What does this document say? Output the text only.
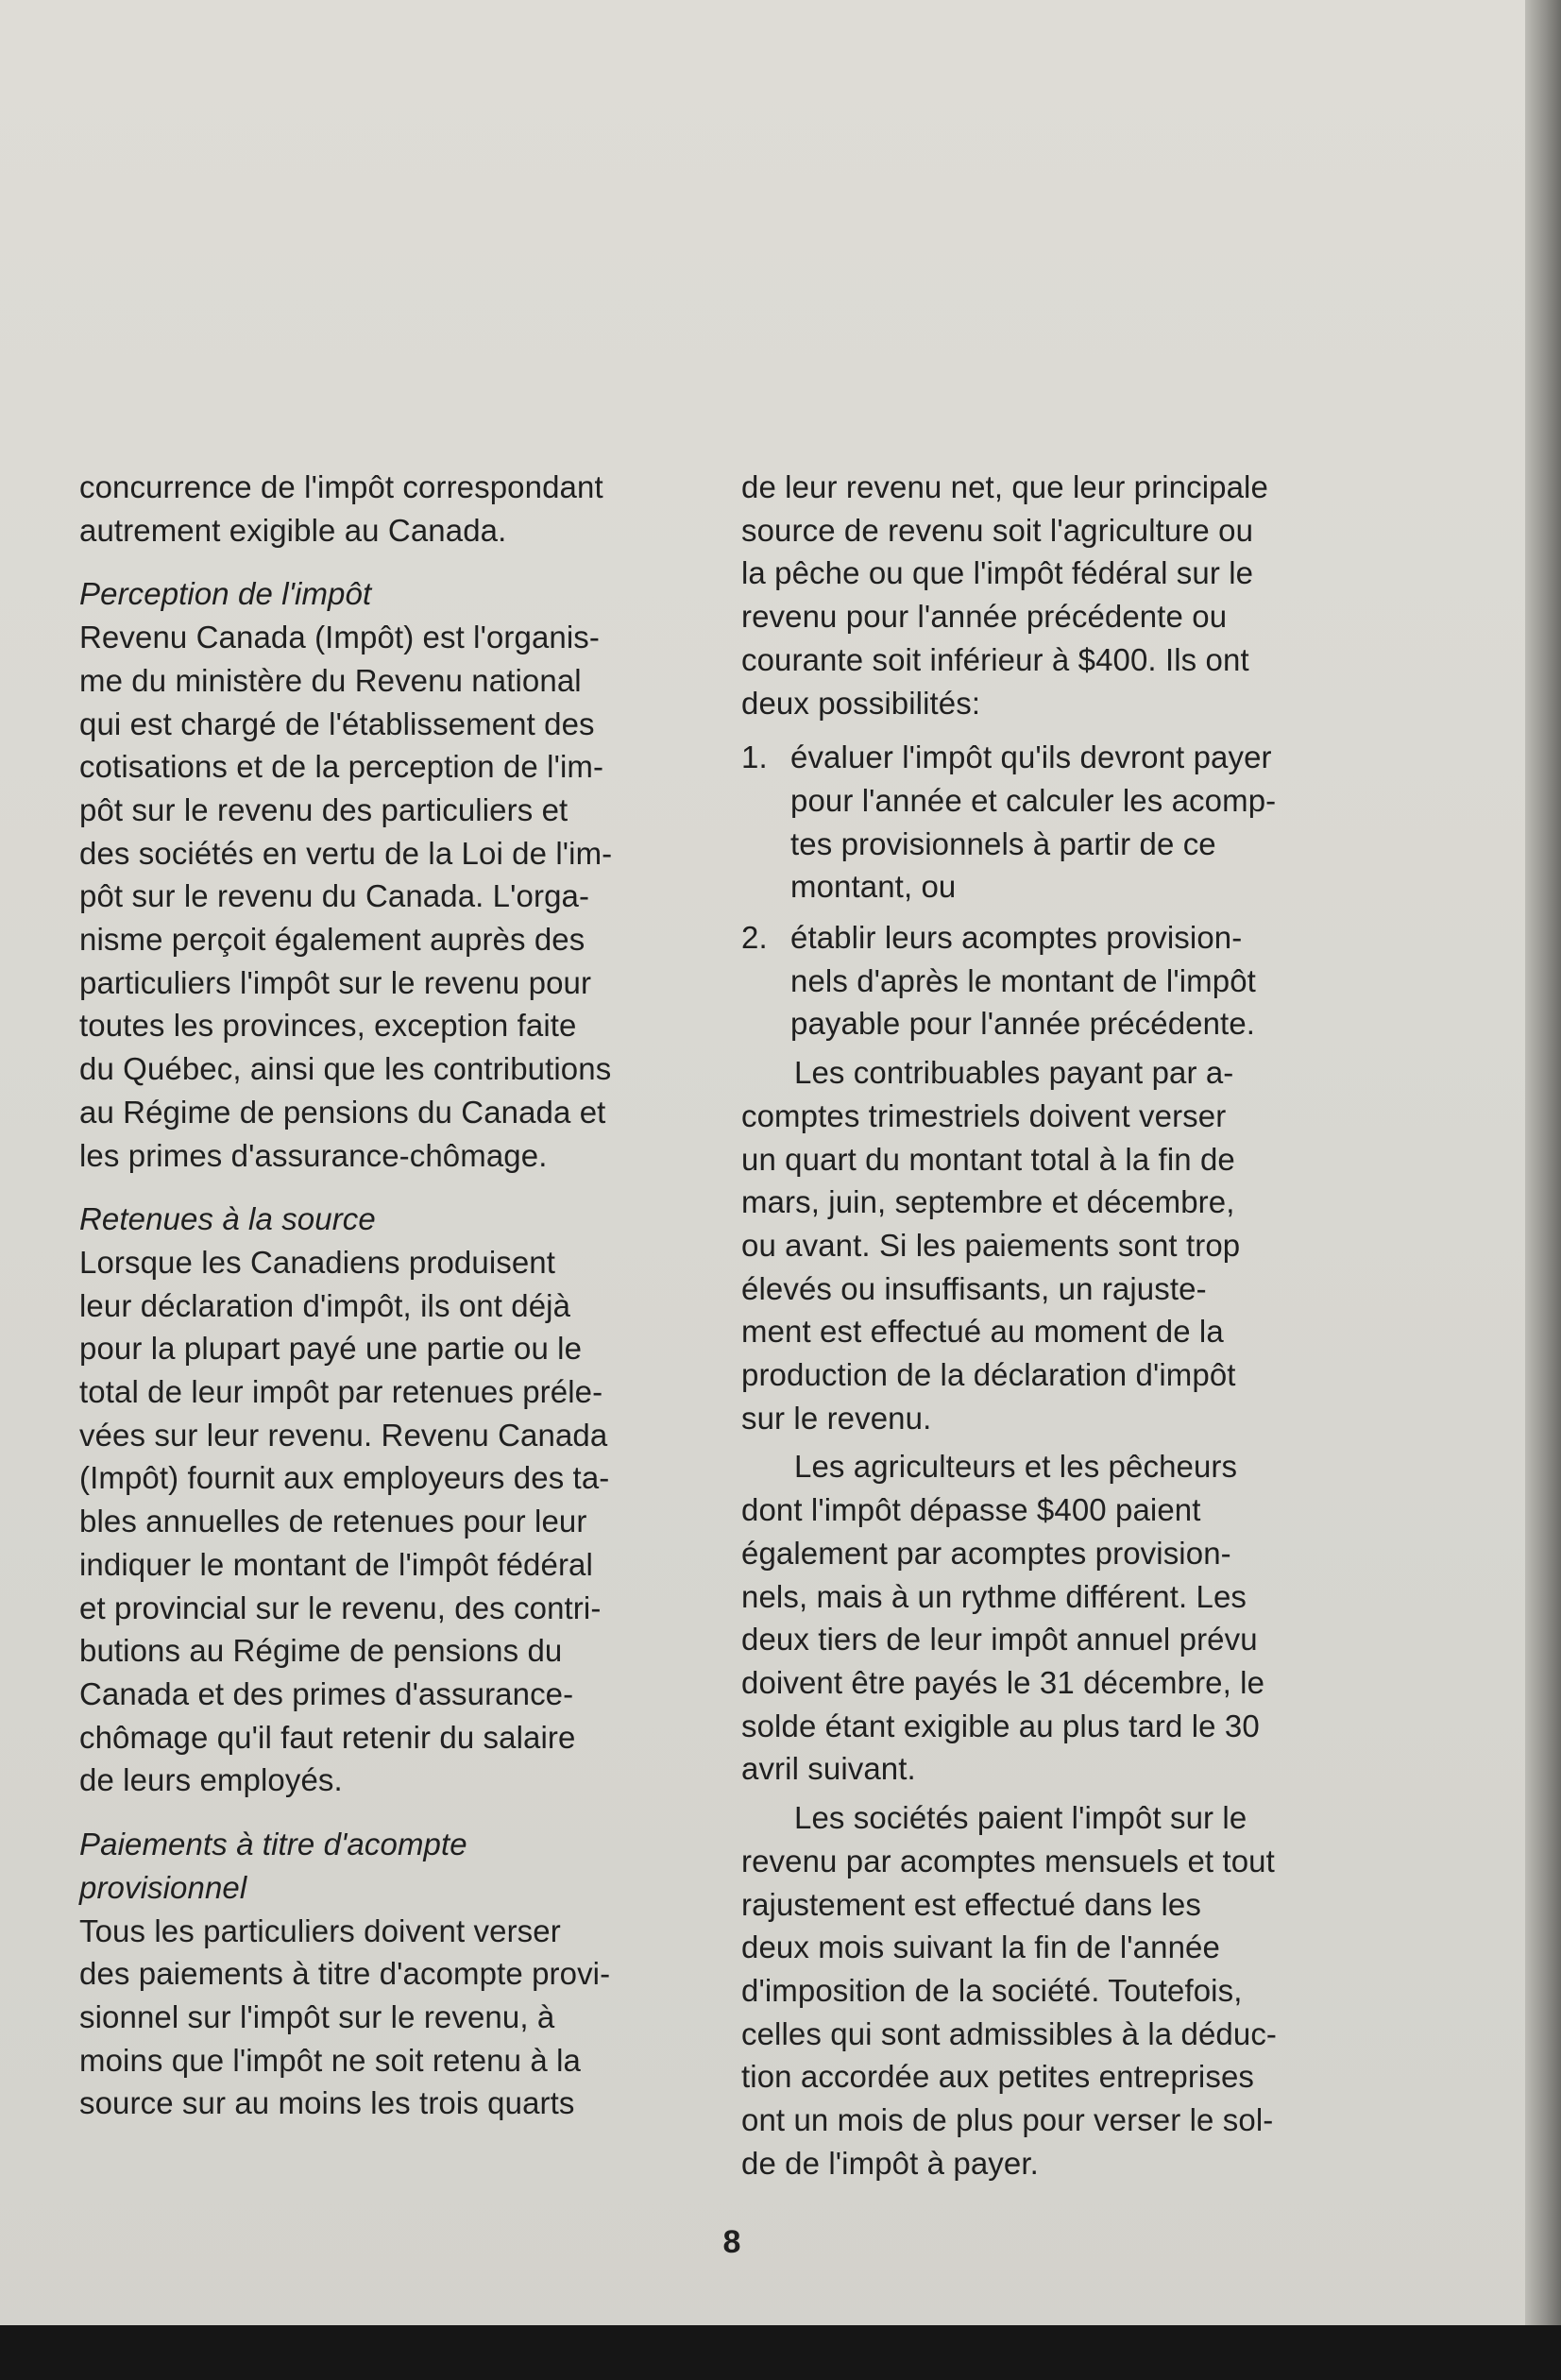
concurrence de l'impôt correspondant
autrement exigible au Canada.
Perception de l'impôt
Revenu Canada (Impôt) est l'organis-
me du ministère du Revenu national
qui est chargé de l'établissement des
cotisations et de la perception de l'im-
pôt sur le revenu des particuliers et
des sociétés en vertu de la Loi de l'im-
pôt sur le revenu du Canada. L'orga-
nisme perçoit également auprès des
particuliers l'impôt sur le revenu pour
toutes les provinces, exception faite
du Québec, ainsi que les contributions
au Régime de pensions du Canada et
les primes d'assurance-chômage.
Retenues à la source
Lorsque les Canadiens produisent
leur déclaration d'impôt, ils ont déjà
pour la plupart payé une partie ou le
total de leur impôt par retenues préle-
vées sur leur revenu. Revenu Canada
(Impôt) fournit aux employeurs des ta-
bles annuelles de retenues pour leur
indiquer le montant de l'impôt fédéral
et provincial sur le revenu, des contri-
butions au Régime de pensions du
Canada et des primes d'assurance-
chômage qu'il faut retenir du salaire
de leurs employés.
Paiements à titre d'acompte
provisionnel
Tous les particuliers doivent verser
des paiements à titre d'acompte provi-
sionnel sur l'impôt sur le revenu, à
moins que l'impôt ne soit retenu à la
source sur au moins les trois quarts
de leur revenu net, que leur principale
source de revenu soit l'agriculture ou
la pêche ou que l'impôt fédéral sur le
revenu pour l'année précédente ou
courante soit inférieur à $400. Ils ont
deux possibilités:
1. évaluer l'impôt qu'ils devront payer
pour l'année et calculer les acomp-
tes provisionnels à partir de ce
montant, ou
2. établir leurs acomptes provision-
nels d'après le montant de l'impôt
payable pour l'année précédente.
Les contribuables payant par a-
comptes trimestriels doivent verser
un quart du montant total à la fin de
mars, juin, septembre et décembre,
ou avant. Si les paiements sont trop
élevés ou insuffisants, un rajuste-
ment est effectué au moment de la
production de la déclaration d'impôt
sur le revenu.
Les agriculteurs et les pêcheurs
dont l'impôt dépasse $400 paient
également par acomptes provision-
nels, mais à un rythme différent. Les
deux tiers de leur impôt annuel prévu
doivent être payés le 31 décembre, le
solde étant exigible au plus tard le 30
avril suivant.
Les sociétés paient l'impôt sur le
revenu par acomptes mensuels et tout
rajustement est effectué dans les
deux mois suivant la fin de l'année
d'imposition de la société. Toutefois,
celles qui sont admissibles à la déduc-
tion accordée aux petites entreprises
ont un mois de plus pour verser le sol-
de de l'impôt à payer.
8
